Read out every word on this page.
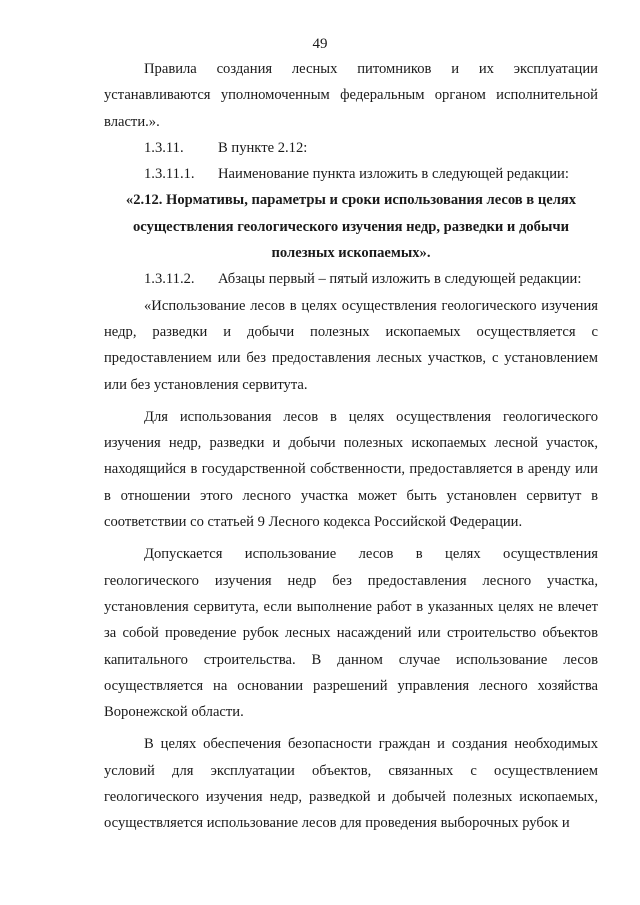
49

Правила создания лесных питомников и их эксплуатации устанавливаются уполномоченным федеральным органом исполнительной власти.».

1.3.11. В пункте 2.12:

1.3.11.1. Наименование пункта изложить в следующей редакции:

«2.12. Нормативы, параметры и сроки использования лесов в целях осуществления геологического изучения недр, разведки и добычи полезных ископаемых».

1.3.11.2. Абзацы первый – пятый изложить в следующей редакции:

«Использование лесов в целях осуществления геологического изучения недр, разведки и добычи полезных ископаемых осуществляется с предоставлением или без предоставления лесных участков, с установлением или без установления сервитута.

Для использования лесов в целях осуществления геологического изучения недр, разведки и добычи полезных ископаемых лесной участок, находящийся в государственной собственности, предоставляется в аренду или в отношении этого лесного участка может быть установлен сервитут в соответствии со статьей 9 Лесного кодекса Российской Федерации.

Допускается использование лесов в целях осуществления геологического изучения недр без предоставления лесного участка, установления сервитута, если выполнение работ в указанных целях не влечет за собой проведение рубок лесных насаждений или строительство объектов капитального строительства. В данном случае использование лесов осуществляется на основании разрешений управления лесного хозяйства Воронежской области.

В целях обеспечения безопасности граждан и создания необходимых условий для эксплуатации объектов, связанных с осуществлением геологического изучения недр, разведкой и добычей полезных ископаемых, осуществляется использование лесов для проведения выборочных рубок и
